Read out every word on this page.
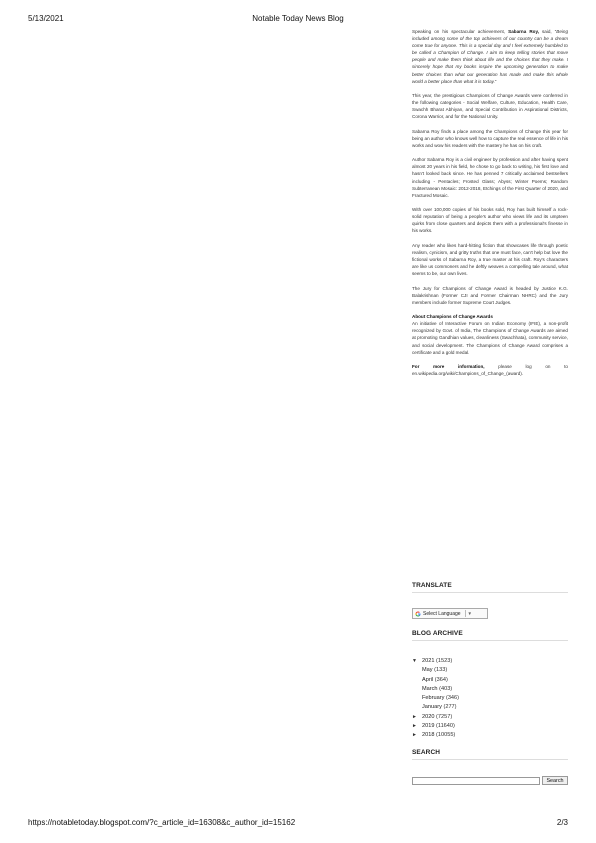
5/13/2021	Notable Today News Blog

Speaking on his spectacular achievement, Sabarna Roy, said, “Being included among some of the top achievers of our country can be a dream come true for anyone. This is a special day and I feel extremely humbled to be called a Champion of Change. I aim to keep telling stories that move people and make them think about life and the choices that they make. I sincerely hope that my books inspire the upcoming generation to make better choices than what our generation has made and make this whole world a better place than what it is today.”

This year, the prestigious Champions of Change Awards were conferred in the following categories - Social Welfare, Culture, Education, Health Care, Swachh Bharat Abhiyan, and Special Contribution in Aspirational Districts, Corona Warrior, and for the National Unity.

Sabarna Roy finds a place among the Champions of Change this year for being an author who knows well how to capture the real essence of life in his works and wow his readers with the mastery he has on his craft.

Author Sabarna Roy is a civil engineer by profession and after having spent almost 20 years in his field, he chose to go back to writing, his first love and hasn't looked back since. He has penned 7 critically acclaimed bestsellers including - Pentacles; Frosted Glass; Abyss; Winter Poems; Random Subterranean Mosaic: 2012-2018, Etchings of the First Quarter of 2020, and Fractured Mosaic.

With over 100,000 copies of his books sold, Roy has built himself a rock-solid reputation of being a people's author who views life and its umpteen quirks from close quarters and depicts them with a professional's finesse in his works.

Any reader who likes hard-hitting fiction that showcases life through poetic realism, cynicism, and gritty truths that one must face, can't help but love the fictional works of Sabarna Roy, a true master at his craft. Roy's characters are like us commoners and he deftly weaves a compelling tale around, what seems to be, our own lives.

The Jury for Champions of Change Award is headed by Justice K.G. Balakrishnan (Former CJI and Former Chairman NHRC) and the Jury members include former Supreme Court Judges.

About Champions of Change Awards
An initiative of Interactive Forum on Indian Economy (IFIE), a non-profit recognized by Govt. of India, The Champions of Change Awards are aimed at promoting Gandhian values, cleanliness (Swachhata), community service, and social development. The Champions of Change Award comprises a certificate and a gold medal.

For more information, please log on to en.wikipedia.org/wiki/Champions_of_Change_(award).

TRANSLATE
Select Language ▼
BLOG ARCHIVE
▼ 2021 (1523)
May (133)
April (364)
March (403)
February (346)
January (277)
► 2020 (7257)
► 2019 (11640)
► 2018 (10055)
SEARCH
Search
https://notabletoday.blogspot.com/?c_article_id=16308&c_author_id=15162	2/3
